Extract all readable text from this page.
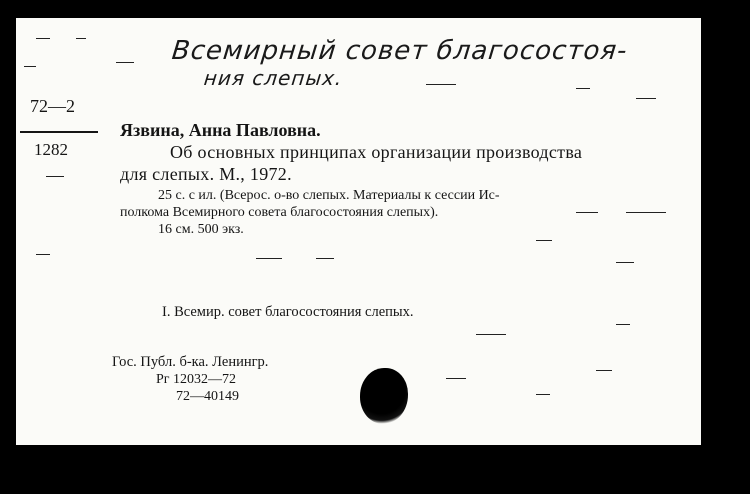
Всемирный совет благосостоя-
ния слепых.
72—2
1282
Язвина, Анна Павловна.
Об основных принципах организации производства
для слепых. М., 1972.
25 с. с ил. (Всерос. о-во слепых. Материалы к сессии Ис-
полкома Всемирного совета благосостояния слепых).
16 см. 500 экз.
I. Всемир. совет благосостояния слепых.
Гос. Публ. б-ка. Ленингр.
Рг 12032—72
72—40149
